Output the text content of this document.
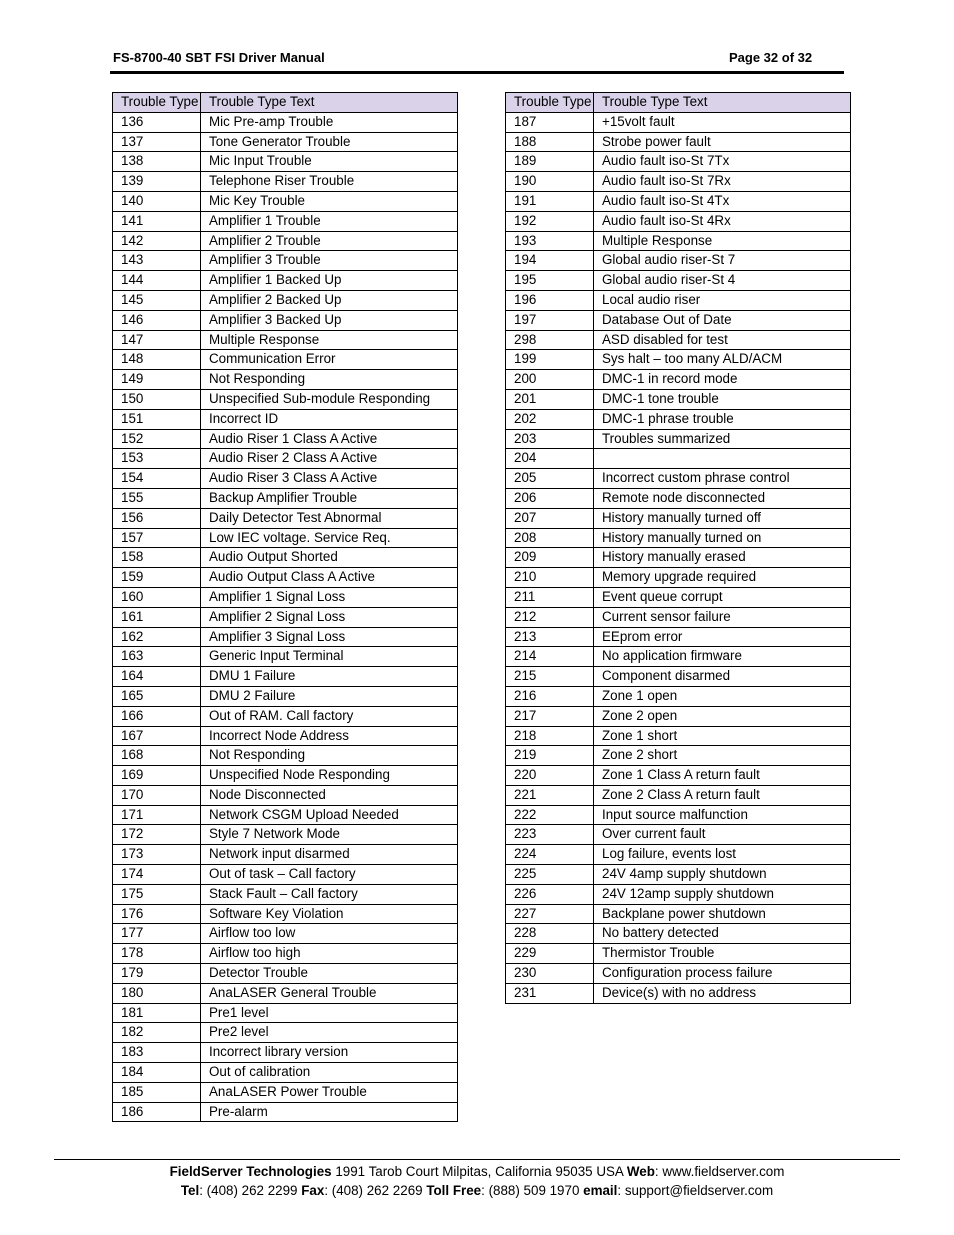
FS-8700-40 SBT FSI Driver Manual	Page 32 of 32
Trouble Type	Trouble Type Text
136	Mic Pre-amp Trouble
137	Tone Generator Trouble
138	Mic Input Trouble
139	Telephone Riser Trouble
140	Mic Key Trouble
141	Amplifier 1 Trouble
142	Amplifier 2 Trouble
143	Amplifier 3 Trouble
144	Amplifier 1 Backed Up
145	Amplifier 2 Backed Up
146	Amplifier 3 Backed Up
147	Multiple Response
148	Communication Error
149	Not Responding
150	Unspecified Sub-module Responding
151	Incorrect ID
152	Audio Riser 1 Class A Active
153	Audio Riser 2 Class A Active
154	Audio Riser 3 Class A Active
155	Backup Amplifier Trouble
156	Daily Detector Test Abnormal
157	Low IEC voltage. Service Req.
158	Audio Output Shorted
159	Audio Output Class A Active
160	Amplifier 1 Signal Loss
161	Amplifier 2 Signal Loss
162	Amplifier 3 Signal Loss
163	Generic Input Terminal
164	DMU 1 Failure
165	DMU 2 Failure
166	Out of RAM. Call factory
167	Incorrect Node Address
168	Not Responding
169	Unspecified Node Responding
170	Node Disconnected
171	Network CSGM Upload Needed
172	Style 7 Network Mode
173	Network input disarmed
174	Out of task – Call factory
175	Stack Fault – Call factory
176	Software Key Violation
177	Airflow too low
178	Airflow too high
179	Detector Trouble
180	AnaLASER General Trouble
181	Pre1 level
182	Pre2 level
183	Incorrect library version
184	Out of calibration
185	AnaLASER Power Trouble
186	Pre-alarm
Trouble Type	Trouble Type Text
187	+15volt fault
188	Strobe power fault
189	Audio fault iso-St 7Tx
190	Audio fault iso-St 7Rx
191	Audio fault iso-St 4Tx
192	Audio fault iso-St 4Rx
193	Multiple Response
194	Global audio riser-St 7
195	Global audio riser-St 4
196	Local audio riser
197	Database Out of Date
298	ASD disabled for test
199	Sys halt – too many ALD/ACM
200	DMC-1 in record mode
201	DMC-1 tone trouble
202	DMC-1 phrase trouble
203	Troubles summarized
204	
205	Incorrect custom phrase control
206	Remote node disconnected
207	History manually turned off
208	History manually turned on
209	History manually erased
210	Memory upgrade required
211	Event queue corrupt
212	Current sensor failure
213	EEprom error
214	No application firmware
215	Component disarmed
216	Zone 1 open
217	Zone 2 open
218	Zone 1 short
219	Zone 2 short
220	Zone 1 Class A return fault
221	Zone 2 Class A return fault
222	Input source malfunction
223	Over current fault
224	Log failure, events lost
225	24V 4amp supply shutdown
226	24V 12amp supply shutdown
227	Backplane power shutdown
228	No battery detected
229	Thermistor Trouble
230	Configuration process failure
231	Device(s) with no address
FieldServer Technologies 1991 Tarob Court Milpitas, California 95035 USA Web: www.fieldserver.com
Tel: (408) 262 2299 Fax: (408) 262 2269 Toll Free: (888) 509 1970 email: support@fieldserver.com
